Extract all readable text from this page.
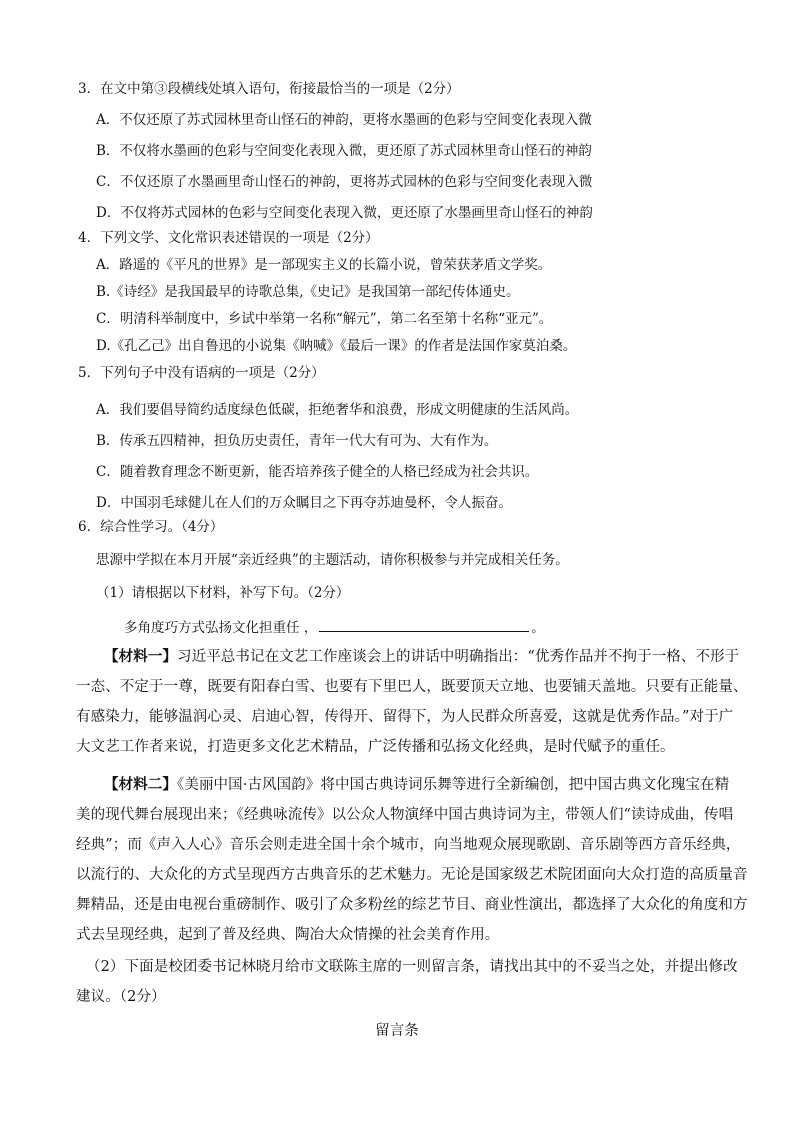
3．在文中第③段横线处填入语句，衔接最恰当的一项是（2分）
A．不仅还原了苏式园林里奇山怪石的神韵，更将水墨画的色彩与空间变化表现入微
B．不仅将水墨画的色彩与空间变化表现入微，更还原了苏式园林里奇山怪石的神韵
C．不仅还原了水墨画里奇山怪石的神韵，更将苏式园林的色彩与空间变化表现入微
D．不仅将苏式园林的色彩与空间变化表现入微，更还原了水墨画里奇山怪石的神韵
4．下列文学、文化常识表述错误的一项是（2分）
A．路遥的《平凡的世界》是一部现实主义的长篇小说，曾荣获茅盾文学奖。
B.《诗经》是我国最早的诗歌总集,《史记》是我国第一部纪传体通史。
C．明清科举制度中，乡试中举第一名称“解元”，第二名至第十名称“亚元”。
D.《孔乙己》出自鲁迅的小说集《呐喊》《最后一课》的作者是法国作家莫泊桑。
5．下列句子中没有语病的一项是（2分）
A．我们要倡导简约适度绿色低碳，拒绝奢华和浪费，形成文明健康的生活风尚。
B．传承五四精神，担负历史责任，青年一代大有可为、大有作为。
C．随着教育理念不断更新，能否培养孩子健全的人格已经成为社会共识。
D．中国羽毛球健儿在人们的万众瞩目之下再夺苏迪曼杯，令人振奋。
6．综合性学习。（4分）
思源中学拟在本月开展“亲近经典”的主题活动，请你积极参与并完成相关任务。
（1）请根据以下材料，补写下句。（2分）
多角度巧方式弘扬文化担重任 ，	。
【材料一】习近平总书记在文艺工作座谈会上的讲话中明确指出：“优秀作品并不拘于一格、不形于
一态、不定于一尊，既要有阳春白雪、也要有下里巴人，既要顶天立地、也要铺天盖地。只要有正能量、
有感染力，能够温润心灵、启迪心智，传得开、留得下，为人民群众所喜爱，这就是优秀作品。”对于广
大文艺工作者来说，打造更多文化艺术精品，广泛传播和弘扬文化经典，是时代赋予的重任。
【材料二】《美丽中国·古风国韵》将中国古典诗词乐舞等进行全新编创，把中国古典文化瑰宝在精
美的现代舞台展现出来；《经典咏流传》以公众人物演绎中国古典诗词为主，带领人们“读诗成曲，传唱
经典”；而《声入人心》音乐会则走进全国十余个城市，向当地观众展现歌剧、音乐剧等西方音乐经典，
以流行的、大众化的方式呈现西方古典音乐的艺术魅力。无论是国家级艺术院团面向大众打造的高质量音
舞精品，还是由电视台重磅制作、吸引了众多粉丝的综艺节目、商业性演出，都选择了大众化的角度和方
式去呈现经典，起到了普及经典、陶冶大众情操的社会美育作用。
（2）下面是校团委书记林晓月给市文联陈主席的一则留言条，请找出其中的不妥当之处，并提出修改
建议。（2分）
留言条
